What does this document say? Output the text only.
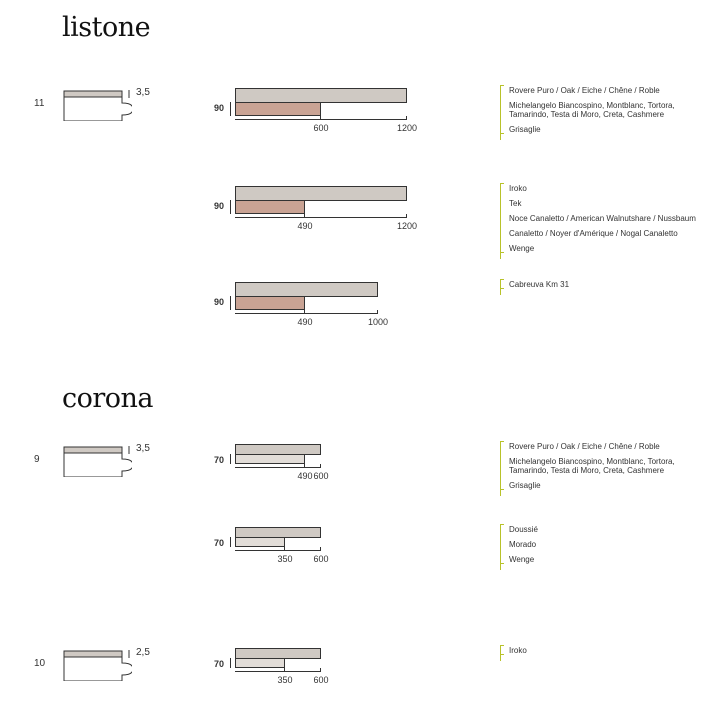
listone
corona
11
3,5
90
600	1200
Rovere Puro / Oak / Eiche / Chêne / Roble
Michelangelo Biancospino, Montblanc, Tortora, Tamarindo, Testa di Moro, Creta, Cashmere
Grisaglie
90
490	1200
Iroko
Tek
Noce Canaletto / American Walnutshare / Nussbaum
Canaletto / Noyer d'Amérique / Nogal Canaletto
Wenge
90
490	1000
Cabreuva Km 31
9
3,5
70
490 600
Rovere Puro / Oak / Eiche / Chêne / Roble
Michelangelo Biancospino, Montblanc, Tortora, Tamarindo, Testa di Moro, Creta, Cashmere
Grisaglie
70
350	600
Doussié
Morado
Wenge
10
2,5
70
350	600
Iroko
